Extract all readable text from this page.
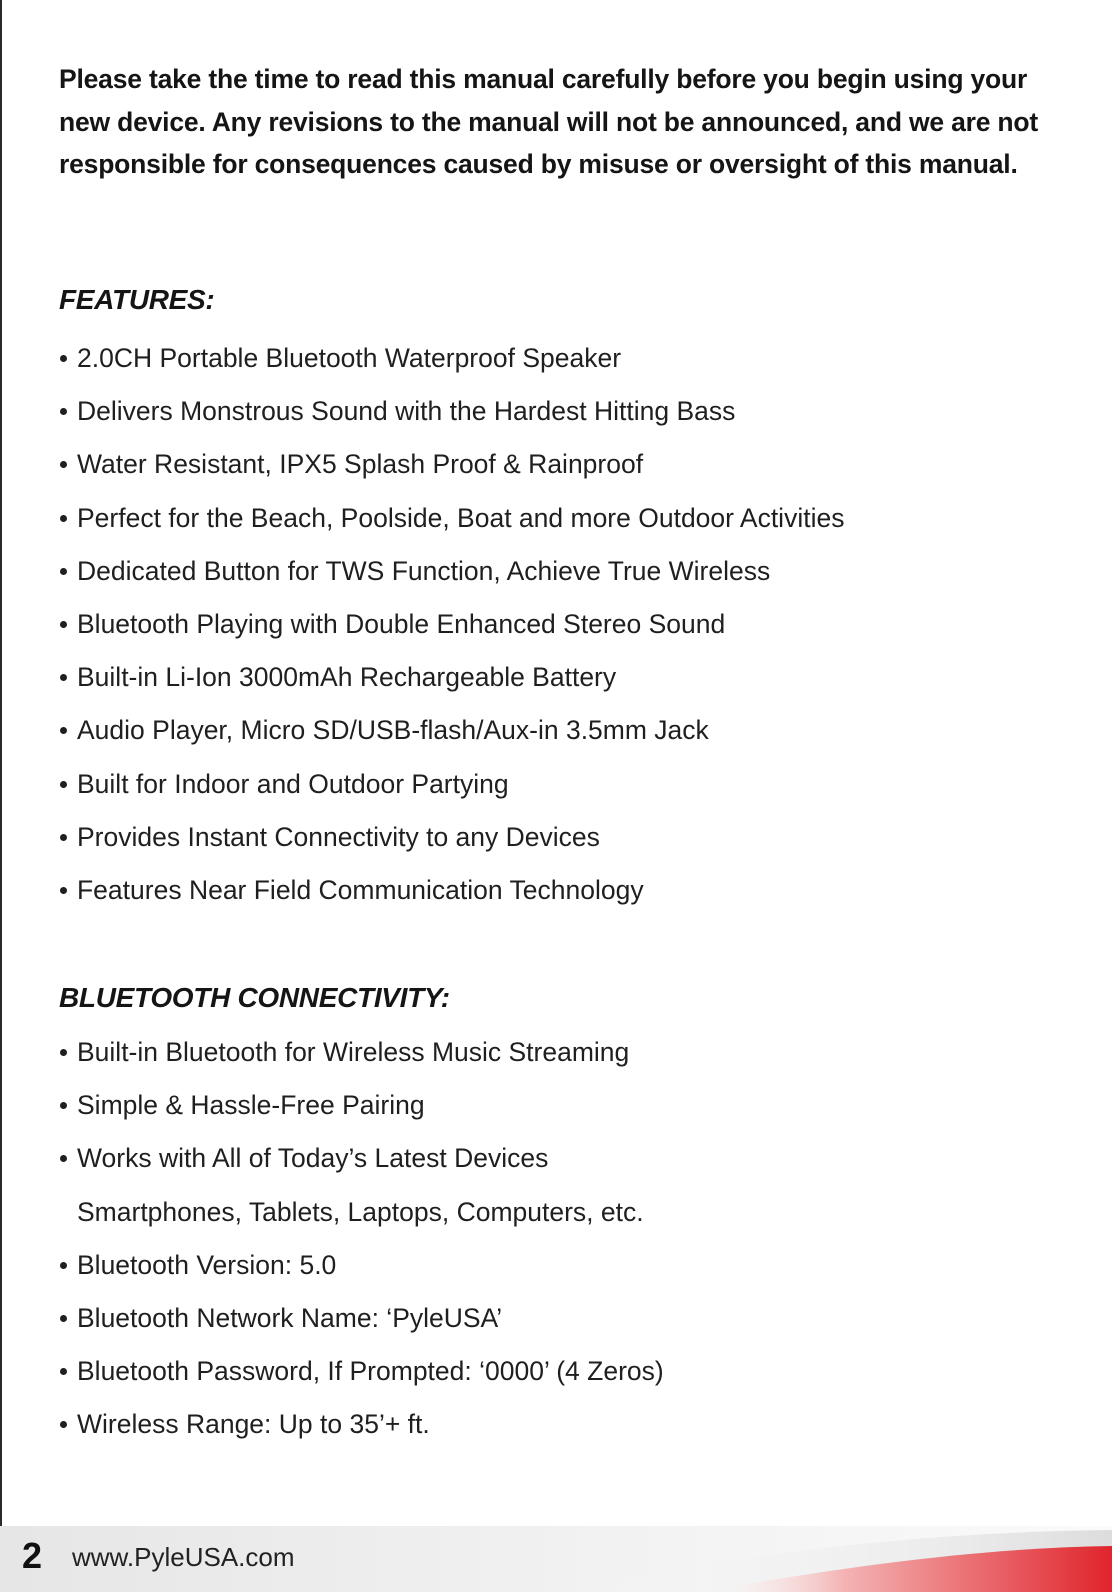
Please take the time to read this manual carefully before you begin using your new device. Any revisions to the manual will not be announced, and we are not responsible for consequences caused by misuse or oversight of this manual.

FEATURES:
2.0CH Portable Bluetooth Waterproof Speaker
Delivers Monstrous Sound with the Hardest Hitting Bass
Water Resistant, IPX5 Splash Proof & Rainproof
Perfect for the Beach, Poolside, Boat and more Outdoor Activities
Dedicated Button for TWS Function, Achieve True Wireless
Bluetooth Playing with Double Enhanced Stereo Sound
Built-in Li-Ion 3000mAh Rechargeable Battery
Audio Player, Micro SD/USB-flash/Aux-in 3.5mm Jack
Built for Indoor and Outdoor Partying
Provides Instant Connectivity to any Devices
Features Near Field Communication Technology
BLUETOOTH CONNECTIVITY:
Built-in Bluetooth for Wireless Music Streaming
Simple & Hassle-Free Pairing
Works with All of Today’s Latest Devices
Smartphones, Tablets, Laptops, Computers, etc.
Bluetooth Version: 5.0
Bluetooth Network Name: ‘PyleUSA’
Bluetooth Password, If Prompted: ‘0000’ (4 Zeros)
Wireless Range: Up to 35’+ ft.
2 www.PyleUSA.com
